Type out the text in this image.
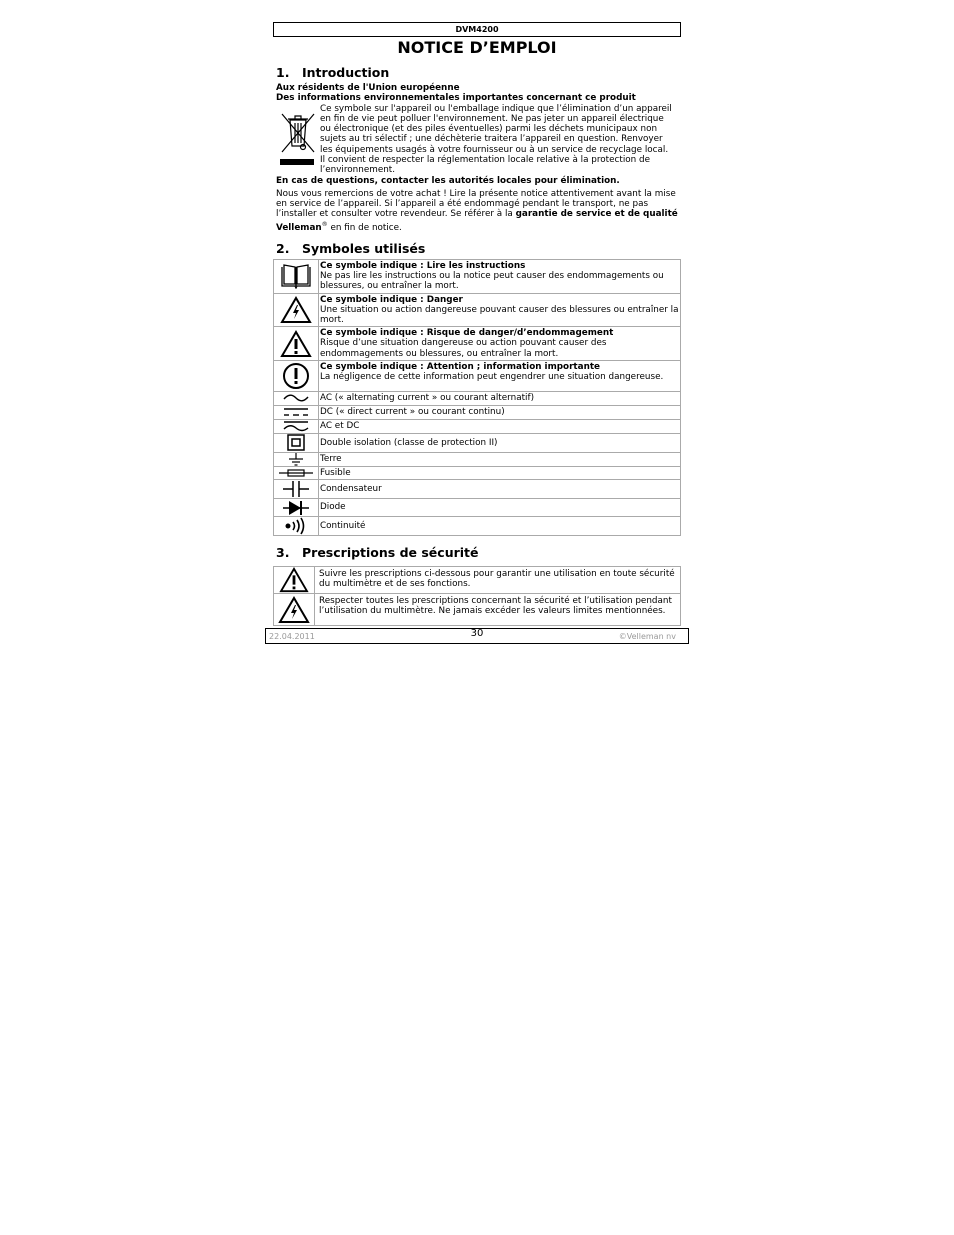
DVM4200
NOTICE D’EMPLOI
1. Introduction
Aux résidents de l'Union européenne
Des informations environnementales importantes concernant ce produit
Ce symbole sur l'appareil ou l'emballage indique que l’élimination d’un appareil en fin de vie peut polluer l'environnement. Ne pas jeter un appareil électrique ou électronique (et des piles éventuelles) parmi les déchets municipaux non sujets au tri sélectif ; une déchèterie traitera l’appareil en question. Renvoyer les équipements usagés à votre fournisseur ou à un service de recyclage local. Il convient de respecter la réglementation locale relative à la protection de l’environnement.
En cas de questions, contacter les autorités locales pour élimination.
Nous vous remercions de votre achat ! Lire la présente notice attentivement avant la mise en service de l’appareil. Si l’appareil a été endommagé pendant le transport, ne pas l’installer et consulter votre revendeur. Se référer à la garantie de service et de qualité Velleman® en fin de notice.
2. Symboles utilisés

Ce symbole indique : Lire les instructions
Ne pas lire les instructions ou la notice peut causer des endommagements ou blessures, ou entraîner la mort.

Ce symbole indique : Danger
Une situation ou action dangereuse pouvant causer des blessures ou entraîner la mort.

Ce symbole indique : Risque de danger/d’endommagement
Risque d’une situation dangereuse ou action pouvant causer des endommagements ou blessures, ou entraîner la mort.

Ce symbole indique : Attention ; information importante
La négligence de cette information peut engendrer une situation dangereuse.

	AC (« alternating current » ou courant alternatif)

	DC (« direct current » ou courant continu)

	AC et DC

	Double isolation (classe de protection II)

	Terre

	Fusible

	Condensateur

	Diode

	Continuité
3. Prescriptions de sécurité
	Suivre les prescriptions ci-dessous pour garantir une utilisation en toute sécurité du multimètre et de ses fonctions.

	Respecter toutes les prescriptions concernant la sécurité et l’utilisation pendant l’utilisation du multimètre. Ne jamais excéder les valeurs limites mentionnées.
22.04.2011	30	©Velleman nv
